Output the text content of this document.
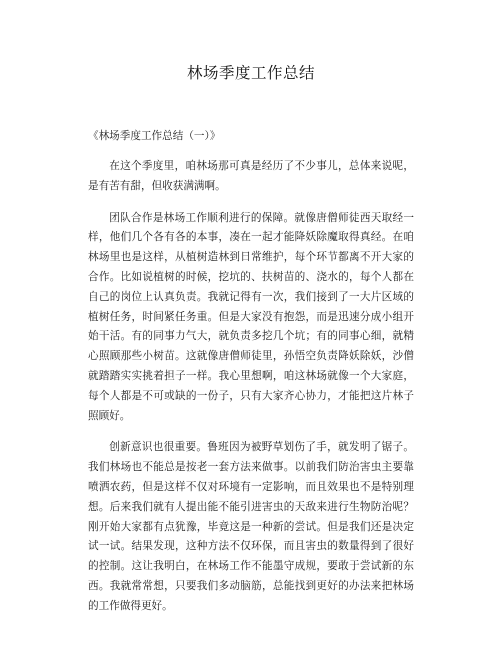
林场季度工作总结

《林场季度工作总结（一）》

在这个季度里，咱林场那可真是经历了不少事儿，总体来说呢，是有苦有甜，但收获满满啊。

团队合作是林场工作顺利进行的保障。就像唐僧师徒西天取经一样，他们几个各有各的本事，凑在一起才能降妖除魔取得真经。在咱林场里也是这样，从植树造林到日常维护，每个环节都离不开大家的合作。比如说植树的时候，挖坑的、扶树苗的、浇水的，每个人都在自己的岗位上认真负责。我就记得有一次，我们接到了一大片区域的植树任务，时间紧任务重。但是大家没有抱怨，而是迅速分成小组开始干活。有的同事力气大，就负责多挖几个坑；有的同事心细，就精心照顾那些小树苗。这就像唐僧师徒里，孙悟空负责降妖除妖，沙僧就踏踏实实挑着担子一样。我心里想啊，咱这林场就像一个大家庭，每个人都是不可或缺的一份子，只有大家齐心协力，才能把这片林子照顾好。

创新意识也很重要。鲁班因为被野草划伤了手，就发明了锯子。我们林场也不能总是按老一套方法来做事。以前我们防治害虫主要靠喷洒农药，但是这样不仅对环境有一定影响，而且效果也不是特别理想。后来我们就有人提出能不能引进害虫的天敌来进行生物防治呢？刚开始大家都有点犹豫，毕竟这是一种新的尝试。但是我们还是决定试一试。结果发现，这种方法不仅环保，而且害虫的数量得到了很好的控制。这让我明白，在林场工作不能墨守成规，要敢于尝试新的东西。我就常常想，只要我们多动脑筋，总能找到更好的办法来把林场的工作做得更好。
